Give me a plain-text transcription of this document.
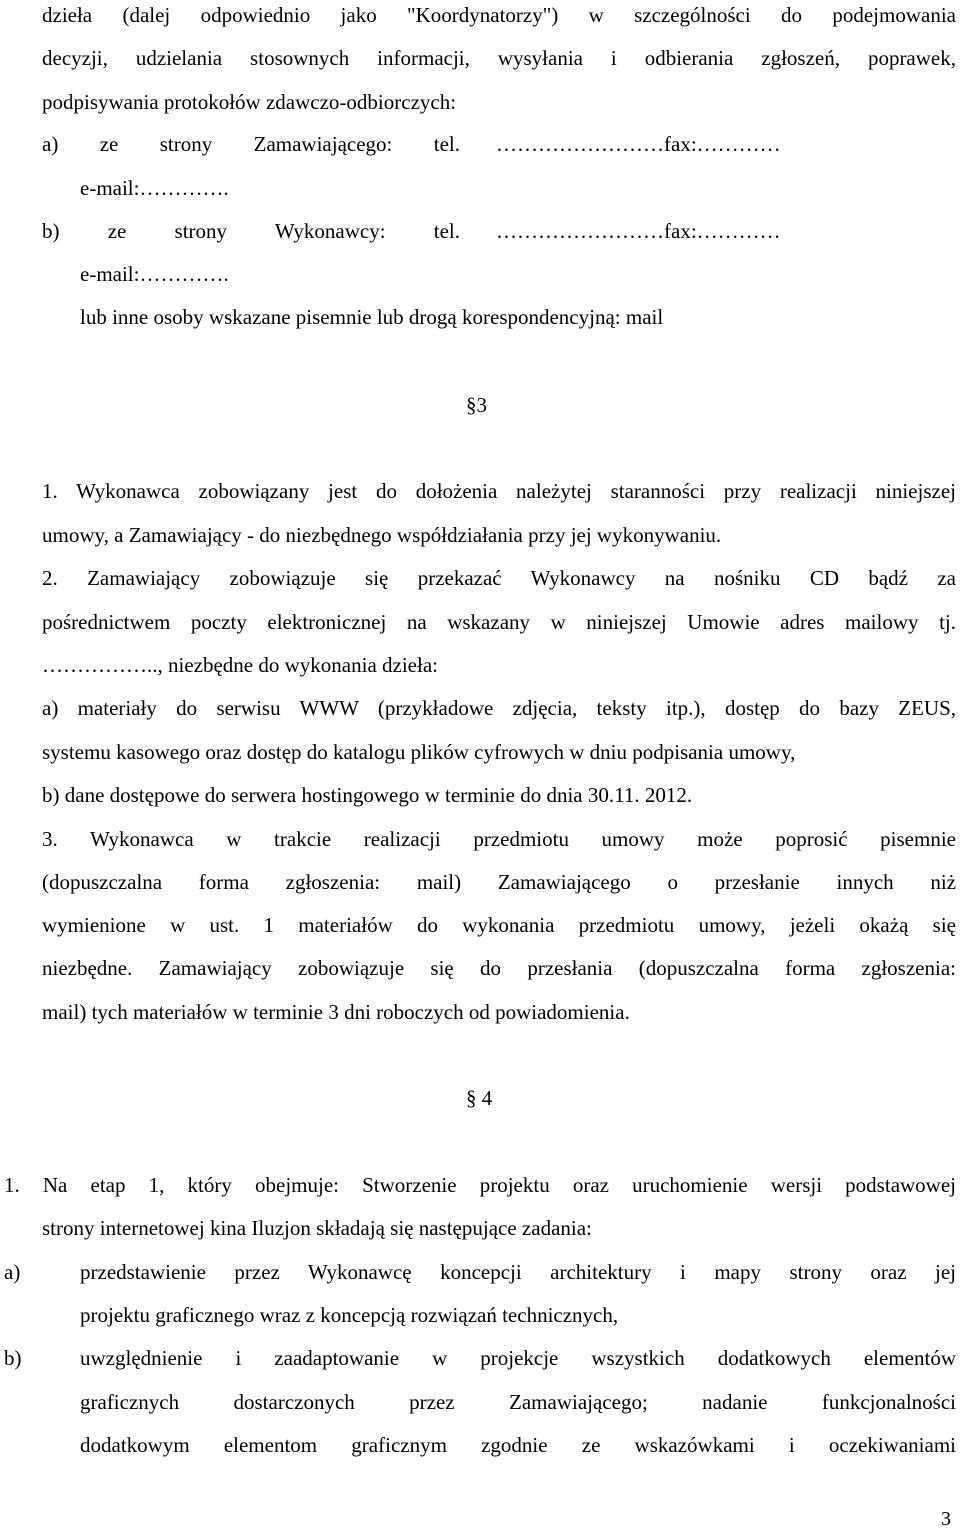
dzieła (dalej odpowiednio jako "Koordynatorzy") w szczególności do podejmowania
decyzji, udzielania stosownych informacji, wysyłania i odbierania zgłoszeń, poprawek,
podpisywania protokołów zdawczo-odbiorczych:
a) ze strony Zamawiającego: tel. ……………………fax:…………
e-mail:………….
b) ze strony Wykonawcy: tel. ……………………fax:…………
e-mail:………….
lub inne osoby wskazane pisemnie lub drogą korespondencyjną: mail
§3
1. Wykonawca zobowiązany jest do dołożenia należytej staranności przy realizacji niniejszej
umowy, a Zamawiający - do niezbędnego współdziałania przy jej wykonywaniu.
2. Zamawiający zobowiązuje się przekazać Wykonawcy na nośniku CD bądź za
pośrednictwem poczty elektronicznej na wskazany w niniejszej Umowie adres mailowy tj.
…………….., niezbędne do wykonania dzieła:
a) materiały do serwisu WWW (przykładowe zdjęcia, teksty itp.), dostęp do bazy ZEUS,
systemu kasowego oraz dostęp do katalogu plików cyfrowych w dniu podpisania umowy,
b) dane dostępowe do serwera hostingowego w terminie do dnia 30.11. 2012.
3. Wykonawca w trakcie realizacji przedmiotu umowy może poprosić pisemnie
(dopuszczalna forma zgłoszenia: mail) Zamawiającego o przesłanie innych niż
wymienione w ust. 1 materiałów do wykonania przedmiotu umowy, jeżeli okażą się
niezbędne. Zamawiający zobowiązuje się do przesłania (dopuszczalna forma zgłoszenia:
mail) tych materiałów w terminie 3 dni roboczych od powiadomienia.
§ 4
1. Na etap 1, który obejmuje: Stworzenie projektu oraz uruchomienie wersji podstawowej
strony internetowej kina Iluzjon składają się następujące zadania:
a)	przedstawienie przez Wykonawcę koncepcji architektury i mapy strony oraz jej
projektu graficznego wraz z koncepcją rozwiązań technicznych,
b)	uwzględnienie i zaadaptowanie w projekcje wszystkich dodatkowych elementów
graficznych dostarczonych przez Zamawiającego; nadanie funkcjonalności
dodatkowym elementom graficznym zgodnie ze wskazówkami i oczekiwaniami
3
